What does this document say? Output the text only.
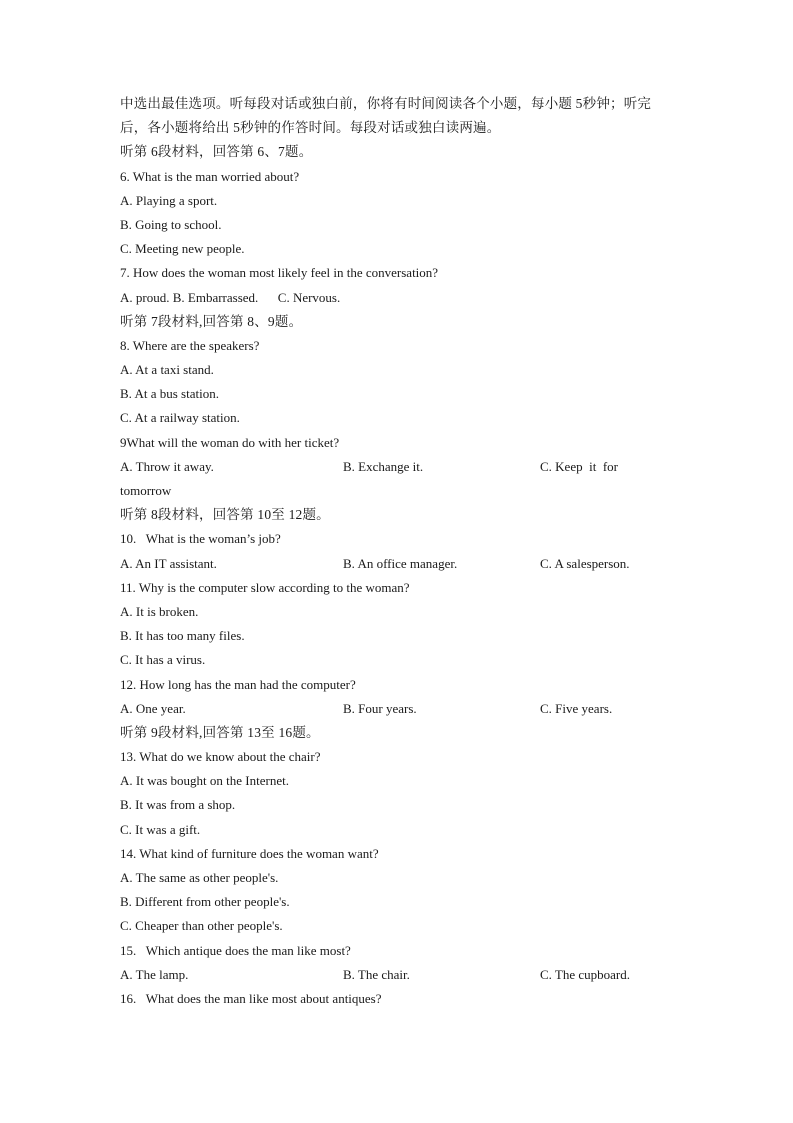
中选出最佳选项。听每段对话或独白前，你将有时间阅读各个小题，每小题 5秒钟；听完
后，各小题将给出 5秒钟的作答时间。每段对话或独白读两遍。
听第 6段材料，回答第 6、7题。
6. What is the man worried about?
A. Playing a sport.
B. Going to school.
C. Meeting new people.
7. How does the woman most likely feel in the conversation?
A. proud. B. Embarrassed.      C. Nervous.
听第 7段材料,回答第 8、9题。
8. Where are the speakers?
A. At a taxi stand.
B. At a bus station.
C. At a railway station.
9What will the woman do with her ticket?
A. Throw it away.	B. Exchange it.	C. Keep  it  for
tomorrow
听第 8段材料，回答第 10至 12题。
10.   What is the woman’s job?
A. An IT assistant.	B. An office manager.	C. A salesperson.
11. Why is the computer slow according to the woman?
A. It is broken.
B. It has too many files.
C. It has a virus.
12. How long has the man had the computer?
A. One year.	B. Four years.	C. Five years.
听第 9段材料,回答第 13至 16题。
13. What do we know about the chair?
A. It was bought on the Internet.
B. It was from a shop.
C. It was a gift.
14. What kind of furniture does the woman want?
A. The same as other people's.
B. Different from other people's.
C. Cheaper than other people's.
15.   Which antique does the man like most?
A. The lamp.	B. The chair.	C. The cupboard.
16.   What does the man like most about antiques?
